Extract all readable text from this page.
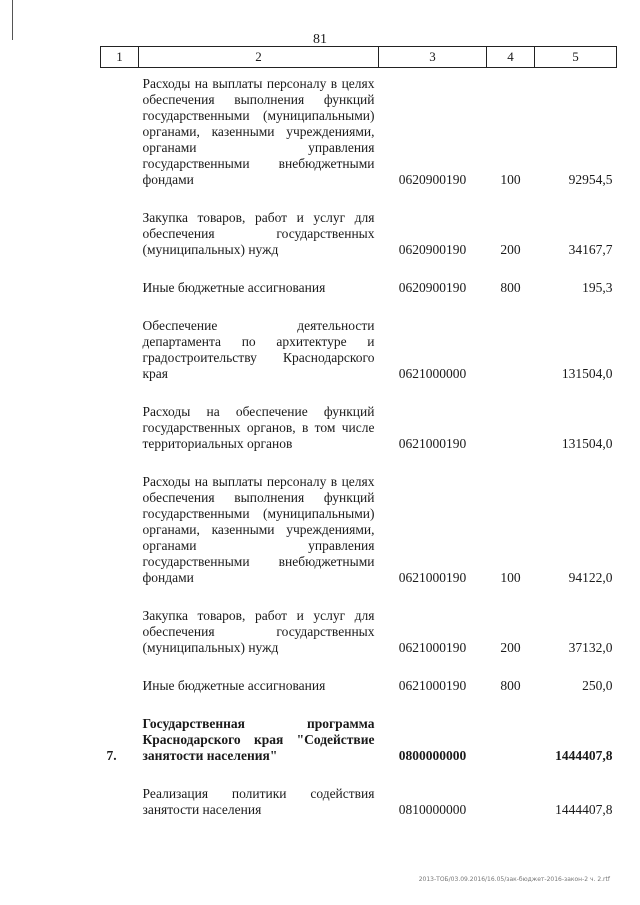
81
1	2	3	4	5

	Расходы на выплаты персоналу в целях обеспечения выполнения функций государственными (муниципальными) органами, казенными учреждениями, органами управления государственными внебюджетными фондами	0620900190	100	92954,5

	Закупка товаров, работ и услуг для обеспечения государственных (муниципальных) нужд	0620900190	200	34167,7

	Иные бюджетные ассигнования	0620900190	800	195,3

	Обеспечение деятельности департамента по архитектуре и градостроительству Краснодарского края	0621000000		131504,0

	Расходы на обеспечение функций государственных органов, в том числе территориальных органов	0621000190		131504,0

	Расходы на выплаты персоналу в целях обеспечения выполнения функций государственными (муниципальными) органами, казенными учреждениями, органами управления государственными внебюджетными фондами	0621000190	100	94122,0

	Закупка товаров, работ и услуг для обеспечения государственных (муниципальных) нужд	0621000190	200	37132,0

	Иные бюджетные ассигнования	0621000190	800	250,0

7.	Государственная программа Краснодарского края "Содействие занятости населения"	0800000000		1444407,8

	Реализация политики содействия занятости населения	0810000000		1444407,8
2013-ТОБ/03.09.2016/16.05/зак-бюджет-2016-закон-2 ч. 2.rtf
